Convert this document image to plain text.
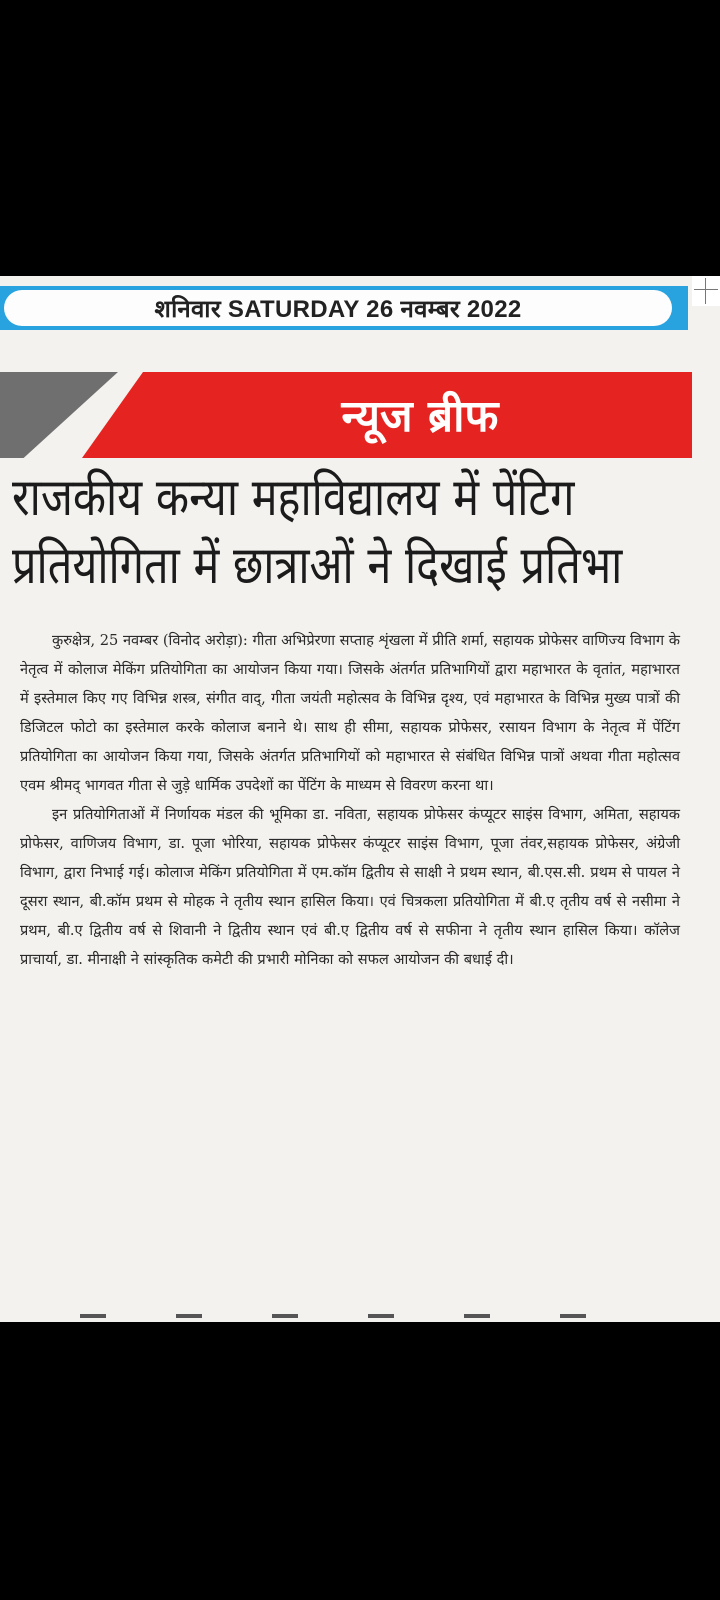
शनिवार SATURDAY 26 नवम्बर 2022
न्यूज ब्रीफ
राजकीय कन्या महाविद्यालय में पेंटिग
प्रतियोगिता में छात्राओं ने दिखाई प्रतिभा

कुरुक्षेत्र, 25 नवम्बर (विनोद अरोड़ा): गीता अभिप्रेरणा सप्ताह शृंखला में प्रीति शर्मा, सहायक प्रोफेसर वाणिज्य विभाग के नेतृत्व में कोलाज मेकिंग प्रतियोगिता का आयोजन किया गया। जिसके अंतर्गत प्रतिभागियों द्वारा महाभारत के वृतांत, महाभारत में इस्तेमाल किए गए विभिन्न शस्त्र, संगीत वाद्, गीता जयंती महोत्सव के विभिन्न दृश्य, एवं महाभारत के विभिन्न मुख्य पात्रों की डिजिटल फोटो का इस्तेमाल करके कोलाज बनाने थे। साथ ही सीमा, सहायक प्रोफेसर, रसायन विभाग के नेतृत्व में पेंटिंग प्रतियोगिता का आयोजन किया गया, जिसके अंतर्गत प्रतिभागियों को महाभारत से संबंधित विभिन्न पात्रों अथवा गीता महोत्सव एवम श्रीमद् भागवत गीता से जुड़े धार्मिक उपदेशों का पेंटिंग के माध्यम से विवरण करना था।

इन प्रतियोगिताओं में निर्णायक मंडल की भूमिका डा. नविता, सहायक प्रोफेसर कंप्यूटर साइंस विभाग, अमिता, सहायक प्रोफेसर, वाणिजय विभाग, डा. पूजा भोरिया, सहायक प्रोफेसर कंप्यूटर साइंस विभाग, पूजा तंवर,सहायक प्रोफेसर, अंग्रेजी विभाग, द्वारा निभाई गई। कोलाज मेकिंग प्रतियोगिता में एम.कॉम द्वितीय से साक्षी ने प्रथम स्थान, बी.एस.सी. प्रथम से पायल ने दूसरा स्थान, बी.कॉम प्रथम से मोहक ने तृतीय स्थान हासिल किया। एवं चित्रकला प्रतियोगिता में बी.ए तृतीय वर्ष से नसीमा ने प्रथम, बी.ए द्वितीय वर्ष से शिवानी ने द्वितीय स्थान एवं बी.ए द्वितीय वर्ष से सफीना ने तृतीय स्थान हासिल किया। कॉलेज प्राचार्या, डा. मीनाक्षी ने सांस्कृतिक कमेटी की प्रभारी मोनिका को सफल आयोजन की बधाई दी।
